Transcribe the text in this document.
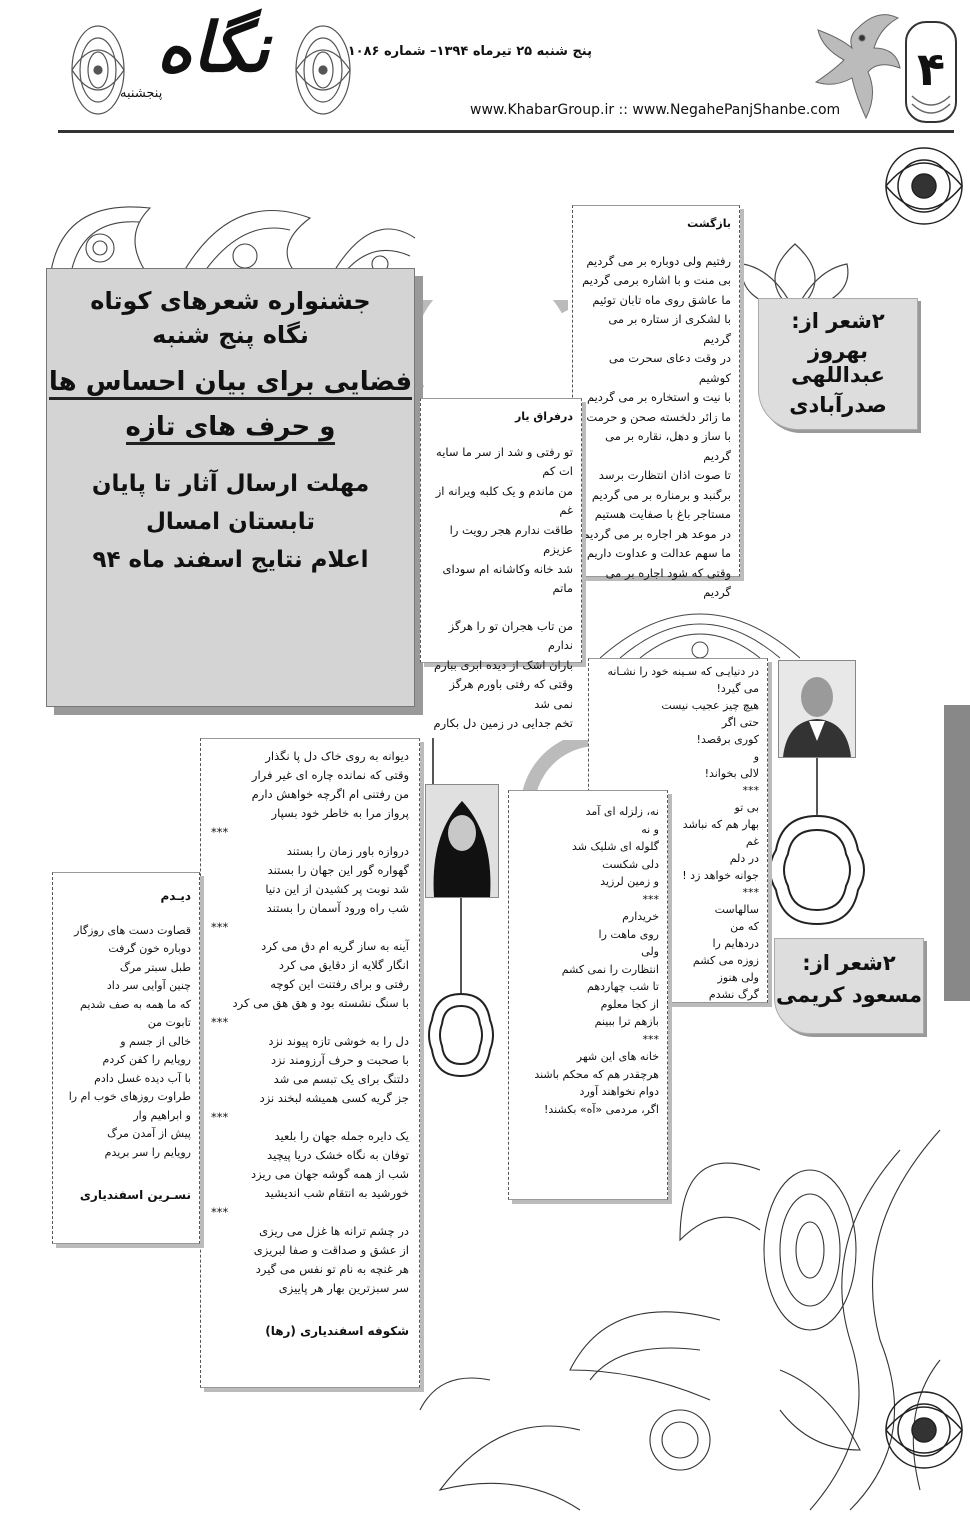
نگاه
پنجشنبه
پنج شنبه ۲۵ تیرماه ۱۳۹۴– شماره ۱۰۸۶
www.KhabarGroup.ir :: www.NegahePanjShanbe.com
۴
جشنواره شعرهای کوتاه
نگاه پنج شنبه
فضایی برای بیان احساس ها
و حرف های تازه
مهلت ارسال آثار تا پایان
تابستان امسال
اعلام نتایج اسفند ماه ۹۴
بازگشت
رفتیم ولی دوباره بر می گردیم
بی منت و با اشاره برمی گردیم
ما عاشق روی ماه تابان توئیم
با لشکری از ستاره بر می گردیم
در وقت دعای سحرت می کوشیم
با نیت و استخاره بر می گردیم
ما زائر دلخسته صحن و حرمت
با ساز و دهل، نقاره بر می گردیم
تا صوت اذان انتظارت برسد
برگنبد و برمناره بر می گردیم
مستاجر باغ با صفایت هستیم
در موعد هر اجاره بر می گردیم
ما سهم عدالت و عداوت داریم
وقتی که شود اجاره بر می گردیم
۲شعر از:
بهروز عبداللهی
صدرآبادی
درفراق یار
تو رفتی و شد از سر ما سایه ات کم
من ماندم و یک کلبه ویرانه از غم
طاقت ندارم هجر رویت را عزیزم
شد خانه وکاشانه ام سودای ماتم
من تاب هجران تو را هرگز ندارم
باران اشک از دیده ابری ببارم
وقتی که رفتی باورم هرگز نمی شد
تخم جدایی در زمین دل بکارم
در دنیایـی که سـینه خود را نشـانه
می گیرد!
هیچ چیز عجیب نیست
حتی اگر
کوری برقصد!
و
لالی بخواند!
***
بی تو
بهار هم که نباشد
غم
در دلم
جوانه خواهد زد !
***
سالهاست
که من
دردهایم را
زوزه می کشم
ولی هنوز
گرگ نشدم
۲شعر از:
مسعود کریمی
نه، زلزله ای آمد
و نه
گلوله ای شلیک شد
دلی شکست
و زمین لرزید
***
خریدارم
روی ماهت را
ولی
انتظارت را نمی کشم
تا شب چهاردهم
از کجا معلوم
بازهم ترا ببینم
***
خانه های این شهر
هرچقدر هم که محکم باشند
دوام نخواهند آورد
اگر، مردمی «آه» بکشند!
دیوانه به روی خاک دل پا نگذار
وقتی که نمانده چاره ای غیر فرار
من رفتنی ام اگرچه خواهش دارم
پرواز مرا به خاطر خود بسپار
***
دروازه باور زمان را بستند
گهواره گور این جهان را بستند
شد نوبت پر کشیدن از این دنیا
شب راه ورود آسمان را بستند
***
آینه به ساز گریه ام دق می کرد
انگار گلایه از دقایق می کرد
رفتی و برای رفتنت این کوچه
با سنگ نشسته بود و هق هق می کرد
***
دل را به خوشی تازه پیوند نزد
با صحبت و حرف آرزومند نزد
دلتنگ برای یک تبسم می شد
جز گریه کسی همیشه لبخند نزد
***
یک دایره جمله جهان را بلعید
توفان به نگاه خشک دریا پیچید
شب از همه گوشه جهان می ریزد
خورشید به انتقام شب اندیشید
***
در چشم ترانه ها غزل می ریزی
از عشق و صداقت و صفا لبریزی
هر غنچه به نام تو نفس می گیرد
سر سبزترین بهار هر پاییزی
شکوفه اسفندیاری (رها)
دیـدم
قصاوت دست های روزگار
دوباره خون گرفت
طبل سبتر مرگ
چنین آوایی سر داد
که ما همه به صف شدیم
تابوت من
خالی از جسم و
رویایم را کفن کردم
با آب دیده غسل دادم
طراوت روزهای خوب ام را
و ابراهیم وار
پیش از آمدن مرگ
رویایم را سر بریدم
نسـرین اسفندیاری
